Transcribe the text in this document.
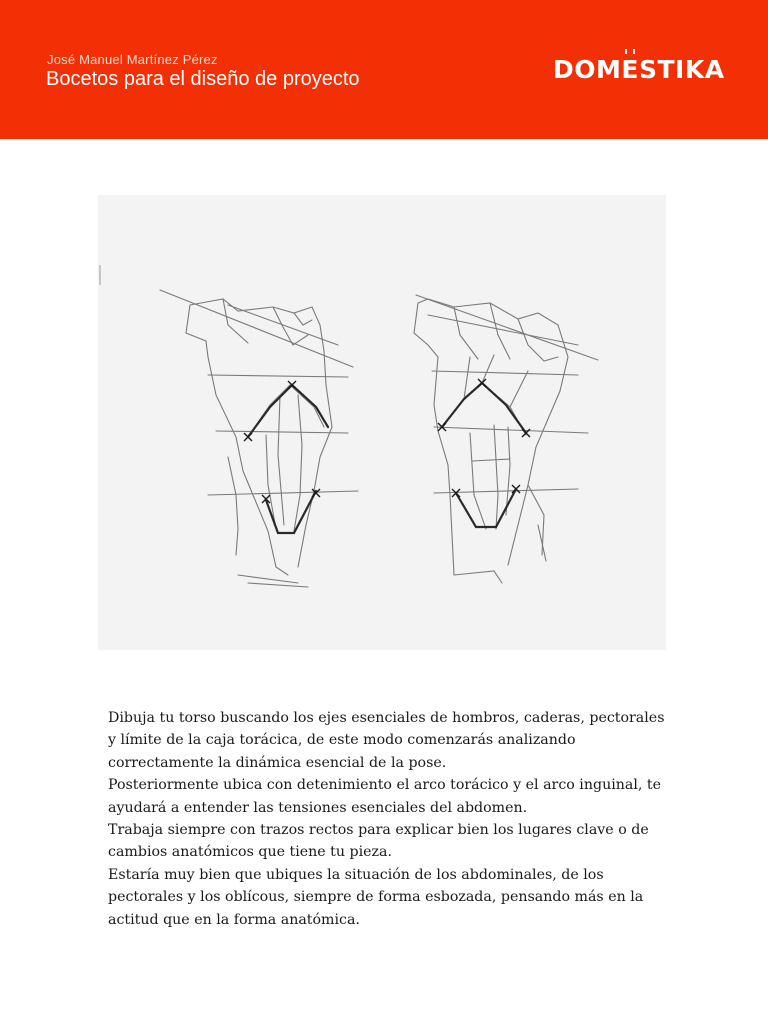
José Manuel Martínez Pérez
Bocetos para el diseño de proyecto	DOMESTIKA

Dibuja tu torso buscando los ejes esenciales de hombros, caderas, pectorales y límite de la caja torácica, de este modo comenzarás analizando correctamente la dinámica esencial de la pose.

Posteriormente ubica con detenimiento el arco torácico y el arco inguinal, te ayudará a entender las tensiones esenciales del abdomen.

Trabaja siempre con trazos rectos para explicar bien los lugares clave o de cambios anatómicos que tiene tu pieza.

Estaría muy bien que ubiques la situación de los abdominales, de los pectorales y los oblícous, siempre de forma esbozada, pensando más en la actitud que en la forma anatómica.
